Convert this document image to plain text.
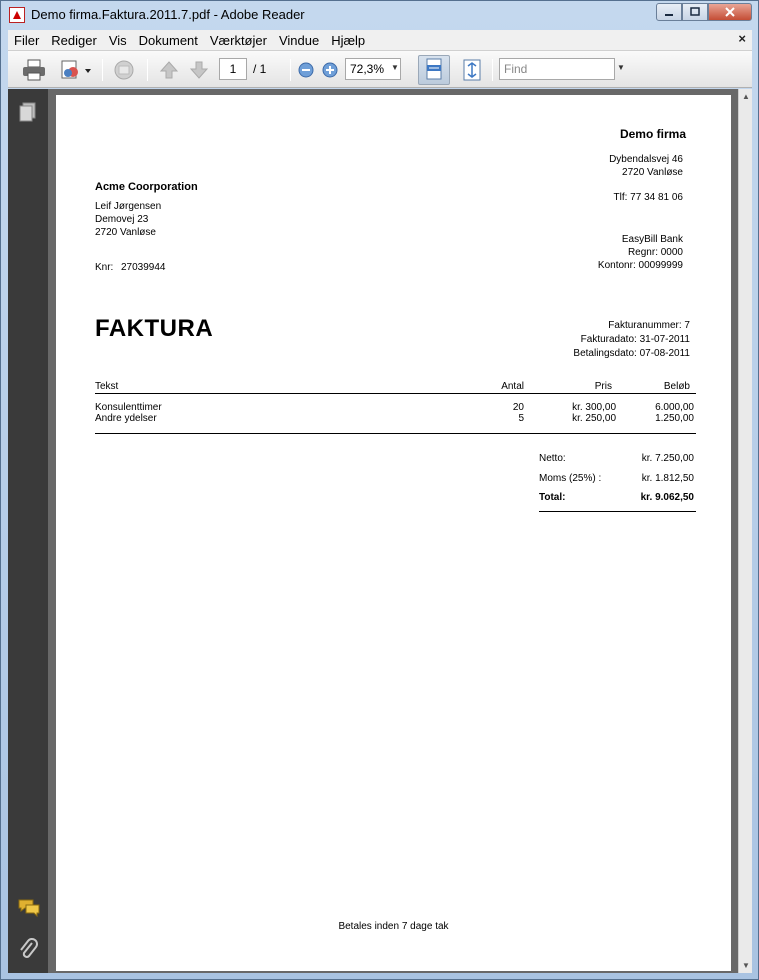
Demo firma.Faktura.2011.7.pdf - Adobe Reader
Filer Rediger Vis Dokument Værktøjer Vindue Hjælp	×
1	/ 1	72,3% ▼	Find	▼
Demo firma
Dybendalsvej 46
2720 Vanløse
Tlf: 77 34 81 06
EasyBill Bank
Regnr: 0000
Kontonr: 00099999
Acme Coorporation
Leif Jørgensen
Demovej 23
2720 Vanløse
Knr: 27039944
FAKTURA	Fakturanummer: 7
Fakturadato: 31-07-2011
Betalingsdato: 07-08-2011
Tekst	Antal	Pris	Beløb
Konsulenttimer	20	kr. 300,00	6.000,00
Andre ydelser	5	kr. 250,00	1.250,00
Netto:	kr. 7.250,00
Moms (25%) :	kr. 1.812,50
Total:	kr. 9.062,50
Betales inden 7 dage tak
▲
▼
